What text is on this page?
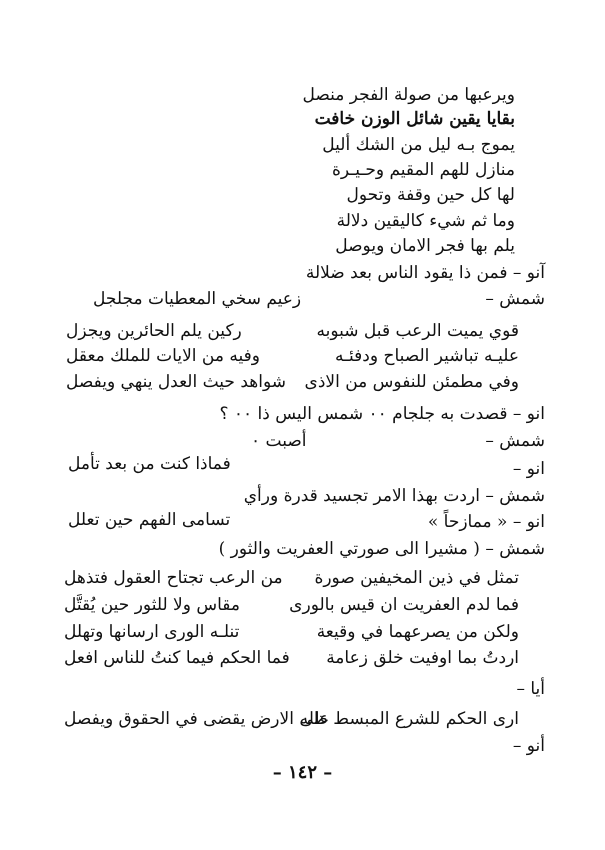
ويرعبها من صولة الفجر منصل
بقايا يقين شائل الوزن خافت
يموج بـه ليل من الشك أليل
منازل للهم المقيم وحـيـرة
لها كل حين وقفة وتحول
وما ثم شيء كاليقين دلالة
يلم بها فجر الامان ويوصل
آنو – فمن ذا يقود الناس بعد ضلالة
شمش –
زعيم سخي المعطيات مجلجل
قوي يميت الرعب قبل شبوبه
ركين يلم الحائرين ويجزل
عليـه تباشير الصباح ودفئـه
وفيه من الايات للملك معقل
وفي مطمئن للنفوس من الاذى
شواهد حيث العدل ينهي ويفصل
انو – قصدت به جلجام ٠٠ شمس اليس ذا ٠٠ ؟
شمش –
أصبت ٠
انو –
فماذا كنت من بعد تأمل
شمش – اردت بهذا الامر تجسيد قدرة ورأي
انو – « ممازحاً »
تسامى الفهم حين تعلل
شمش – ( مشيرا الى صورتي العفريت والثور )
تمثل في ذين المخيفين صورة
من الرعب تجتاح العقول فتذهل
فما لدم العفريت ان قيس بالورى
مقاس ولا للثور حين يُقتَّل
ولكن من يصرعهما في وقيعة
تنلـه الورى ارسانها وتهلل
اردتُ بما اوفيت خلق زعامة
فما الحكم فيما كنتُ للناس افعل
أيا –
ارى الحكم للشرع المبسط ظله
على الارض يقضى في الحقوق ويفصل
أنو –
– ١٤٢ –
